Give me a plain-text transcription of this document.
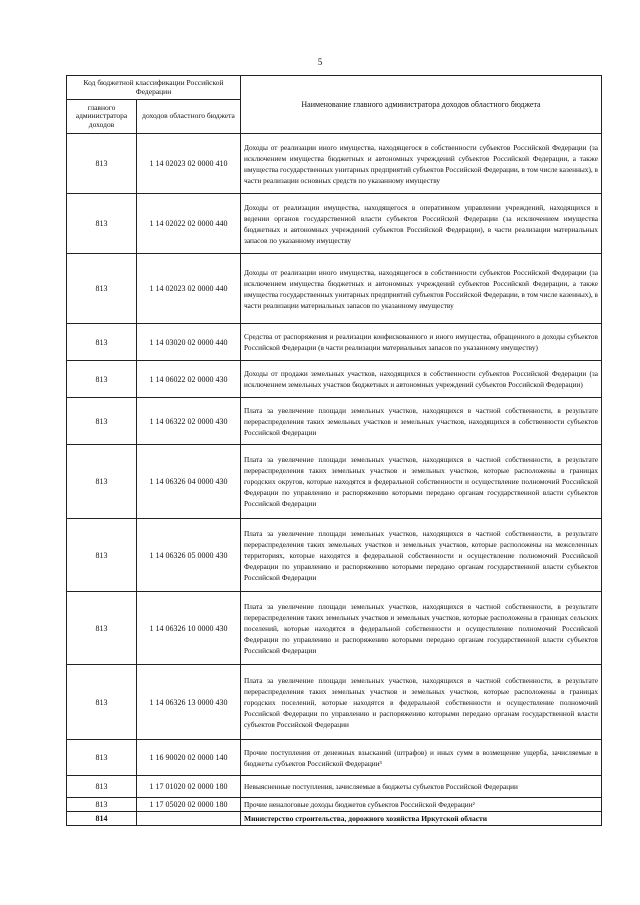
5
Код бюджетной классификации Российской Федерации		Наименование главного администратора доходов областного бюджета
главного администратора доходов	доходов областного бюджета	
813	1 14 02023 02 0000 410	Доходы от реализации иного имущества, находящегося в собственности субъектов Российской Федерации (за исключением имущества бюджетных и автономных учреждений субъектов Российской Федерации, а также имущества государственных унитарных предприятий субъектов Российской Федерации, в том числе казенных), в части реализации основных средств по указанному имуществу
813	1 14 02022 02 0000 440	Доходы от реализации имущества, находящегося в оперативном управлении учреждений, находящихся в ведении органов государственной власти субъектов Российской Федерации (за исключением имущества бюджетных и автономных учреждений субъектов Российской Федерации), в части реализации материальных запасов по указанному имуществу
813	1 14 02023 02 0000 440	Доходы от реализации иного имущества, находящегося в собственности субъектов Российской Федерации (за исключением имущества бюджетных и автономных учреждений субъектов Российской Федерации, а также имущества государственных унитарных предприятий субъектов Российской Федерации, в том числе казенных), в части реализации материальных запасов по указанному имуществу
813	1 14 03020 02 0000 440	Средства от распоряжения и реализации конфискованного и иного имущества, обращенного в доходы субъектов Российской Федерации (в части реализации материальных запасов по указанному имуществу)
813	1 14 06022 02 0000 430	Доходы от продажи земельных участков, находящихся в собственности субъектов Российской Федерации (за исключением земельных участков бюджетных и автономных учреждений субъектов Российской Федерации)
813	1 14 06322 02 0000 430	Плата за увеличение площади земельных участков, находящихся в частной собственности, в результате перераспределения таких земельных участков и земельных участков, находящихся в собственности субъектов Российской Федерации
813	1 14 06326 04 0000 430	Плата за увеличение площади земельных участков, находящихся в частной собственности, в результате перераспределения таких земельных участков и земельных участков, которые расположены в границах городских округов, которые находятся в федеральной собственности и осуществление полномочий Российской Федерации по управлению и распоряжению которыми передано органам государственной власти субъектов Российской Федерации
813	1 14 06326 05 0000 430	Плата за увеличение площади земельных участков, находящихся в частной собственности, в результате перераспределения таких земельных участков и земельных участков, которые расположены на межселенных территориях, которые находятся в федеральной собственности и осуществление полномочий Российской Федерации по управлению и распоряжению которыми передано органам государственной власти субъектов Российской Федерации
813	1 14 06326 10 0000 430	Плата за увеличение площади земельных участков, находящихся в частной собственности, в результате перераспределения таких земельных участков и земельных участков, которые расположены в границах сельских поселений, которые находятся в федеральной собственности и осуществление полномочий Российской Федерации по управлению и распоряжению которыми передано органам государственной власти субъектов Российской Федерации
813	1 14 06326 13 0000 430	Плата за увеличение площади земельных участков, находящихся в частной собственности, в результате перераспределения таких земельных участков и земельных участков, которые расположены в границах городских поселений, которые находятся в федеральной собственности и осуществление полномочий Российской Федерации по управлению и распоряжению которыми передано органам государственной власти субъектов Российской Федерации
813	1 16 90020 02 0000 140	Прочие поступления от денежных взысканий (штрафов) и иных сумм в возмещение ущерба, зачисляемые в бюджеты субъектов Российской Федерации³
813	1 17 01020 02 0000 180	Невыясненные поступления, зачисляемые в бюджеты субъектов Российской Федерации
813	1 17 05020 02 0000 180	Прочие неналоговые доходы бюджетов субъектов Российской Федерации²
814		Министерство строительства, дорожного хозяйства Иркутской области
